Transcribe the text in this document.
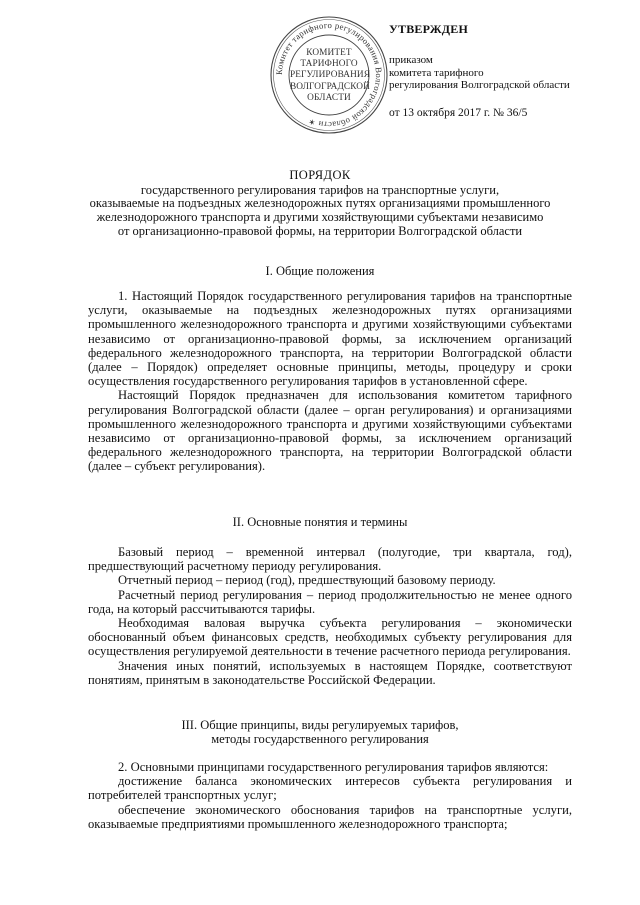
Комитет тарифного регулирования Волгоградской области ✶
КОМИТЕТ
ТАРИФНОГО
РЕГУЛИРОВАНИЯ
ВОЛГОГРАДСКОЙ
ОБЛАСТИ
УТВЕРЖДЕН
приказом
комитета тарифного
регулирования Волгоградской области
от 13 октября 2017 г. № 36/5
ПОРЯДОК
государственного регулирования тарифов на транспортные услуги,
оказываемые на подъездных железнодорожных путях организациями промышленного
железнодорожного транспорта и другими хозяйствующими субъектами независимо
от организационно-правовой формы, на территории Волгоградской области
I. Общие положения

1. Настоящий Порядок государственного регулирования тарифов на транспортные услуги, оказываемые на подъездных железнодорожных путях организациями промышленного железнодорожного транспорта и другими хозяйствующими субъектами независимо от организационно-правовой формы, за исключением организаций федерального железнодорожного транспорта, на территории Волгоградской области (далее – Порядок) определяет основные принципы, методы, процедуру и сроки осуществления государственного регулирования тарифов в установленной сфере.

Настоящий Порядок предназначен для использования комитетом тарифного регулирования Волгоградской области (далее – орган регулирования) и организациями промышленного железнодорожного транспорта и другими хозяйствующими субъектами независимо от организационно-правовой формы, за исключением организаций федерального железнодорожного транспорта, на территории Волгоградской области (далее – субъект регулирования).

II. Основные понятия и термины

Базовый период – временной интервал (полугодие, три квартала, год), предшествующий расчетному периоду регулирования.

Отчетный период – период (год), предшествующий базовому периоду.

Расчетный период регулирования – период продолжительностью не менее одного года, на который рассчитываются тарифы.

Необходимая валовая выручка субъекта регулирования – экономически обоснованный объем финансовых средств, необходимых субъекту регулирования для осуществления регулируемой деятельности в течение расчетного периода регулирования.

Значения иных понятий, используемых в настоящем Порядке, соответствуют понятиям, принятым в законодательстве Российской Федерации.

III. Общие принципы, виды регулируемых тарифов,
методы государственного регулирования

2. Основными принципами государственного регулирования тарифов являются:

достижение баланса экономических интересов субъекта регулирования и потребителей транспортных услуг;

обеспечение экономического обоснования тарифов на транспортные услуги, оказываемые предприятиями промышленного железнодорожного транспорта;
